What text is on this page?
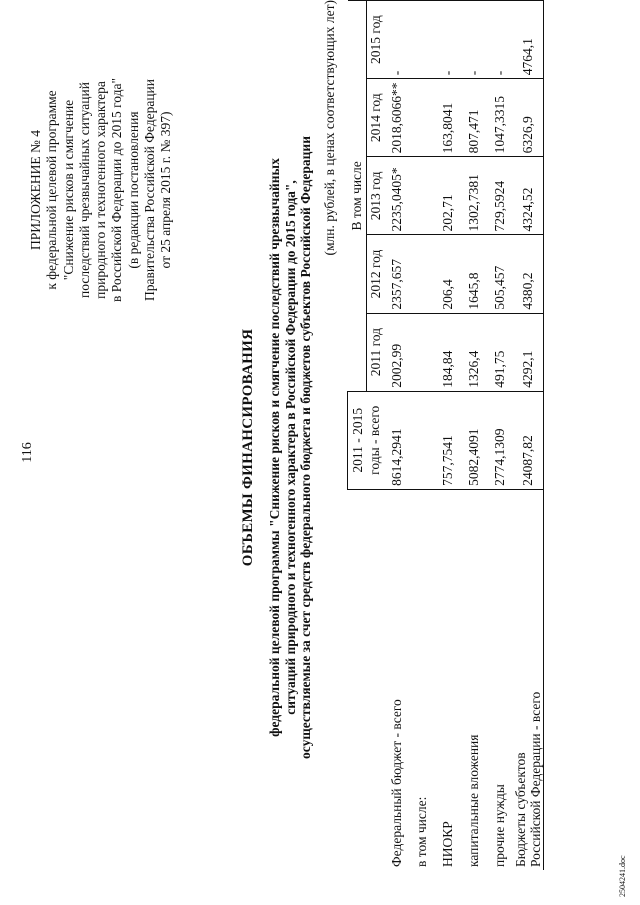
116
ПРИЛОЖЕНИЕ № 4 к федеральной целевой программе "Снижение рисков и смягчение последствий чрезвычайных ситуаций природного и техногенного характера в Российской Федерации до 2015 года" (в редакции постановления Правительства Российской Федерации от 25 апреля 2015 г. № 397)
ОБЪЕМЫ ФИНАНСИРОВАНИЯ федеральной целевой программы "Снижение рисков и смягчение последствий чрезвычайных ситуаций природного и техногенного характера в Российской Федерации до 2015 года", осуществляемые за счет средств федерального бюджета и бюджетов субъектов Российской Федерации
(млн. рублей, в ценах соответствующих лет)

	2011 - 2015 годы - всего	В том числе				
		2011 год	2012 год	2013 год	2014 год	2015 год

Федеральный бюджет - всего	8614,2941	2002,99	2357,657	2235,0405*	2018,6066**	-

в том числе:						

НИОКР	757,7541	184,84	206,4	202,71	163,8041	-

капитальные вложения	5082,4091	1326,4	1645,8	1302,7381	807,471	-

прочие нужды	2774,1309	491,75	505,457	729,5924	1047,3315	-

Бюджеты субъектов Российской Федерации - всего	24087,82	4292,1	4380,2	4324,52	6326,9	4764,1
2504241.doc
